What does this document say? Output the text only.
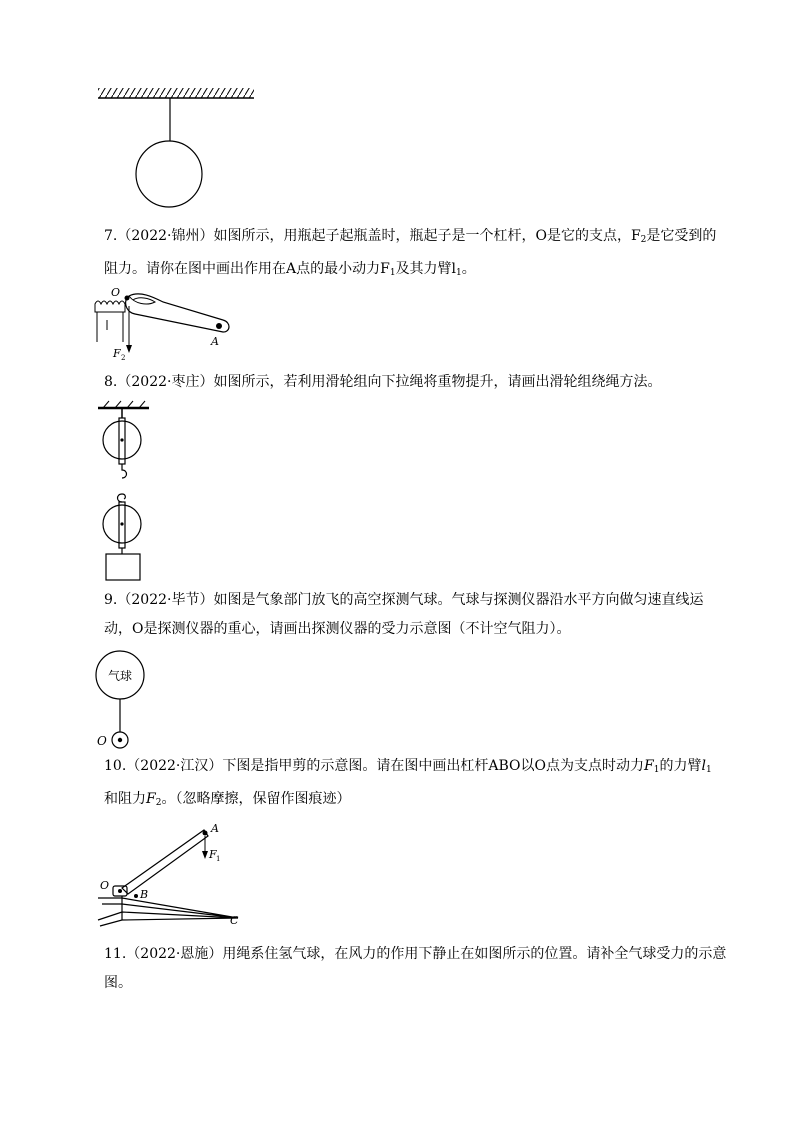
7.（2022·锦州）如图所示，用瓶起子起瓶盖时，瓶起子是一个杠杆，O是它的支点，$F_2$是它受到的

阻力。请你在图中画出作用在A点的最小动力$F_1$及其力臂$l_1$。

O
A
F 2

8.（2022·枣庄）如图所示，若利用滑轮组向下拉绳将重物提升，请画出滑轮组绕绳方法。

9.（2022·毕节）如图是气象部门放飞的高空探测气球。气球与探测仪器沿水平方向做匀速直线运

动，O是探测仪器的重心，请画出探测仪器的受力示意图（不计空气阻力）。

气球
O

10.（2022·江汉）下图是指甲剪的示意图。请在图中画出杠杆ABO以O点为支点时动力$F_1$的力臂$l_1$

和阻力$F_2$。（忽略摩擦，保留作图痕迹）

A
F 1
O
B
C

11.（2022·恩施）用绳系住氢气球，在风力的作用下静止在如图所示的位置。请补全气球受力的示意

图。
